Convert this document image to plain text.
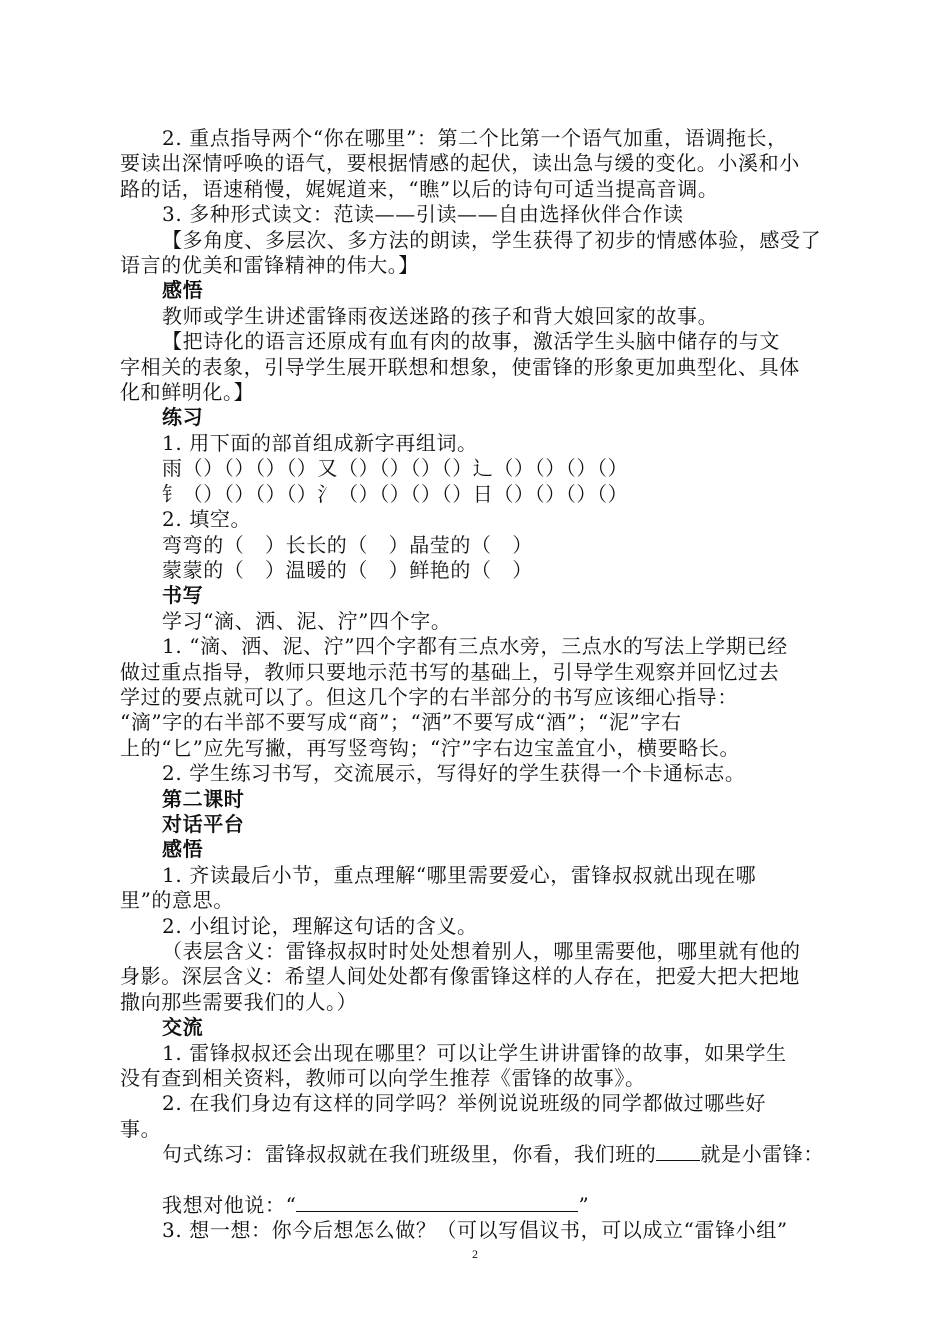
2. 重点指导两个“你在哪里”：第二个比第一个语气加重，语调拖长，
要读出深情呼唤的语气，要根据情感的起伏，读出急与缓的变化。小溪和小
路的话，语速稍慢，娓娓道来，“瞧”以后的诗句可适当提高音调。
3. 多种形式读文：范读——引读——自由选择伙伴合作读
【多角度、多层次、多方法的朗读，学生获得了初步的情感体验，感受了
语言的优美和雷锋精神的伟大。】
感悟
教师或学生讲述雷锋雨夜送迷路的孩子和背大娘回家的故事。
【把诗化的语言还原成有血有肉的故事，激活学生头脑中储存的与文
字相关的表象，引导学生展开联想和想象，使雷锋的形象更加典型化、具体
化和鲜明化。】
练习
1. 用下面的部首组成新字再组词。
雨（）（）（）（）又（）（）（）（）辶（）（）（）（）
钅（）（）（）（）氵（）（）（）（）日（）（）（）（）
2. 填空。
弯弯的（　）长长的（　）晶莹的（　）
蒙蒙的（　）温暖的（　）鲜艳的（　）
书写
学习“滴、洒、泥、泞”四个字。
1. “滴、洒、泥、泞”四个字都有三点水旁，三点水的写法上学期已经
做过重点指导，教师只要地示范书写的基础上，引导学生观察并回忆过去
学过的要点就可以了。但这几个字的右半部分的书写应该细心指导：
“滴”字的右半部不要写成“商”；“洒”不要写成“酒”；“泥”字右
上的“匕”应先写撇，再写竖弯钩；“泞”字右边宝盖宜小，横要略长。
2. 学生练习书写，交流展示，写得好的学生获得一个卡通标志。
第二课时
对话平台
感悟
1. 齐读最后小节，重点理解“哪里需要爱心，雷锋叔叔就出现在哪
里”的意思。
2. 小组讨论，理解这句话的含义。
（表层含义：雷锋叔叔时时处处想着别人，哪里需要他，哪里就有他的
身影。深层含义：希望人间处处都有像雷锋这样的人存在，把爱大把大把地
撒向那些需要我们的人。）
交流
1. 雷锋叔叔还会出现在哪里？可以让学生讲讲雷锋的故事，如果学生
没有查到相关资料，教师可以向学生推荐《雷锋的故事》。
2. 在我们身边有这样的同学吗？举例说说班级的同学都做过哪些好
事。
句式练习：雷锋叔叔就在我们班级里，你看，我们班的 就是小雷锋：
我想对他说：“	”
3. 想一想：你今后想怎么做？（可以写倡议书，可以成立“雷锋小组”
2
